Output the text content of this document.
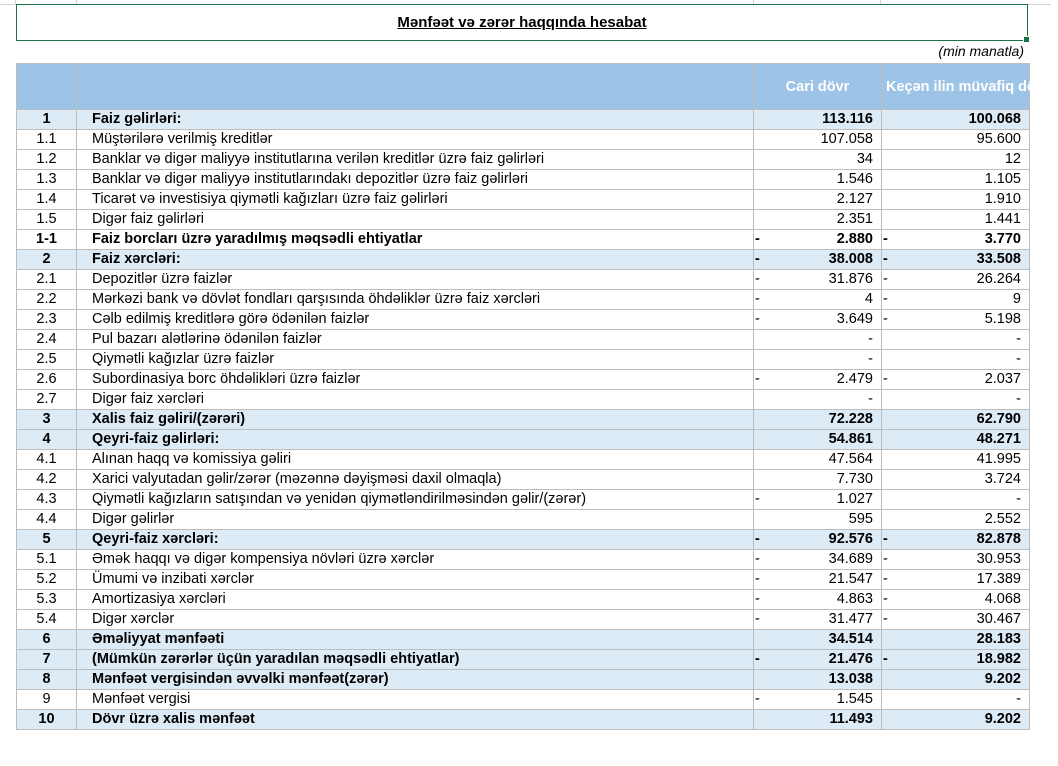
Mənfəət və zərər haqqında hesabat
(min manatla)
		Cari dövr	Keçən ilin müvafiq dövrü
1	Faiz gəlirləri:	113.116	100.068
1.1	Müştərilərə verilmiş kreditlər	107.058	95.600
1.2	Banklar və digər maliyyə institutlarına verilən kreditlər üzrə faiz gəlirləri	34	12
1.3	Banklar və digər maliyyə institutlarındakı depozitlər üzrə faiz gəlirləri	1.546	1.105
1.4	Ticarət və investisiya qiymətli kağızları üzrə faiz gəlirləri	2.127	1.910
1.5	Digər faiz gəlirləri	2.351	1.441
1-1	Faiz borcları üzrə yaradılmış məqsədli ehtiyatlar	- 2.880	- 3.770
2	Faiz xərcləri:	- 38.008	- 33.508
2.1	Depozitlər üzrə faizlər	- 31.876	- 26.264
2.2	Mərkəzi bank və dövlət fondları qarşısında öhdəliklər üzrə faiz xərcləri	- 4	- 9
2.3	Cəlb edilmiş kreditlərə görə ödənilən faizlər	- 3.649	- 5.198
2.4	Pul bazarı alətlərinə ödənilən faizlər	-	-
2.5	Qiymətli kağızlar üzrə faizlər	-	-
2.6	Subordinasiya borc öhdəlikləri üzrə faizlər	- 2.479	- 2.037
2.7	Digər faiz xərcləri	-	-
3	Xalis faiz gəliri/(zərəri)	72.228	62.790
4	Qeyri-faiz gəlirləri:	54.861	48.271
4.1	Alınan haqq və komissiya gəliri	47.564	41.995
4.2	Xarici valyutadan gəlir/zərər (məzənnə dəyişməsi daxil olmaqla)	7.730	3.724
4.3	Qiymətli kağızların satışından və yenidən qiymətləndirilməsindən gəlir/(zərər)	- 1.027	-
4.4	Digər gəlirlər	595	2.552
5	Qeyri-faiz xərcləri:	- 92.576	- 82.878
5.1	Əmək haqqı və digər kompensiya növləri üzrə xərclər	- 34.689	- 30.953
5.2	Ümumi və inzibati xərclər	- 21.547	- 17.389
5.3	Amortizasiya xərcləri	- 4.863	- 4.068
5.4	Digər xərclər	- 31.477	- 30.467
6	Əməliyyat mənfəəti	34.514	28.183
7	(Mümkün zərərlər üçün yaradılan məqsədli ehtiyatlar)	- 21.476	- 18.982
8	Mənfəət vergisindən əvvəlki mənfəət(zərər)	13.038	9.202
9	Mənfəət vergisi	- 1.545	-
10	Dövr üzrə xalis mənfəət	11.493	9.202
